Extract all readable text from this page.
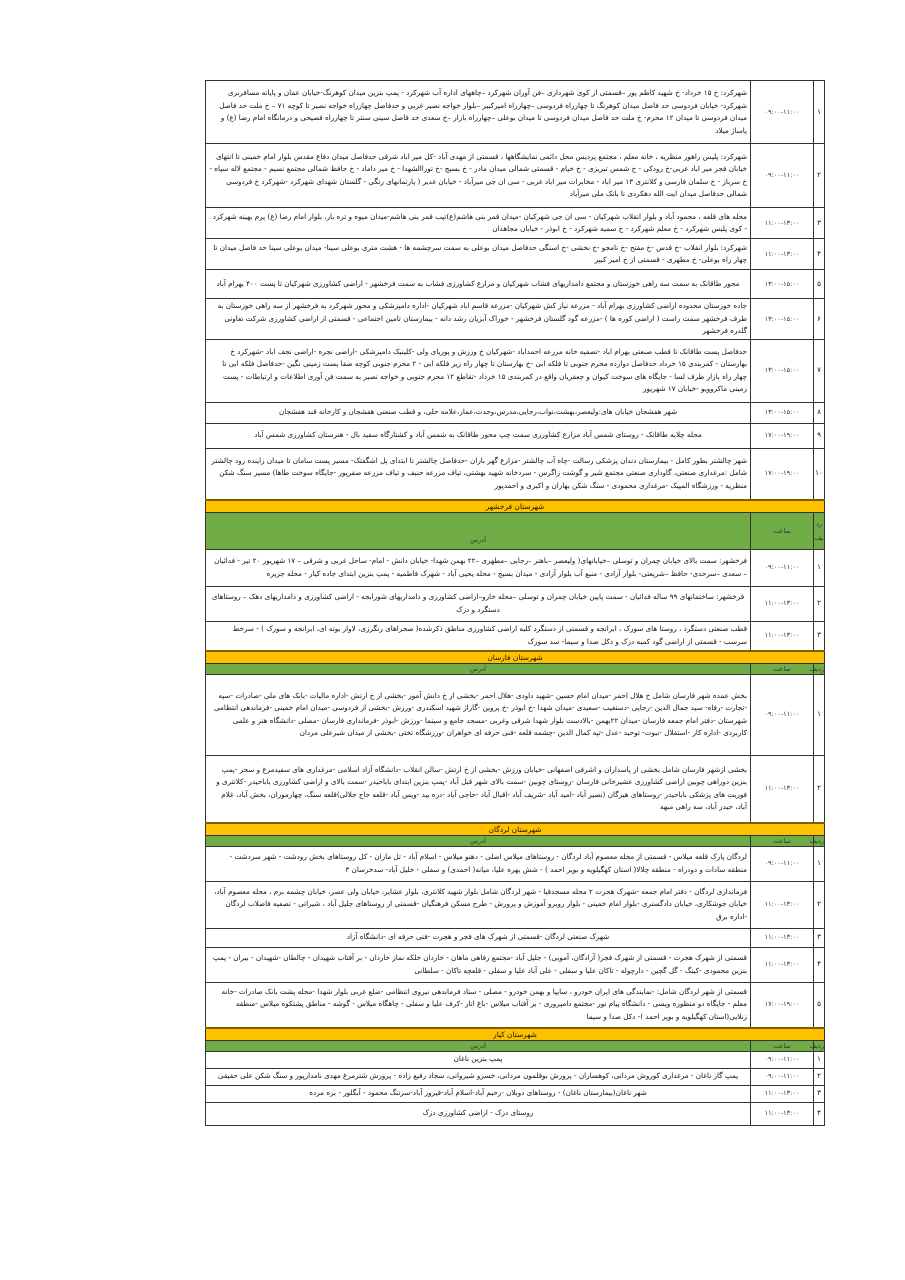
۱	۰۹:۰۰-۱۱:۰۰	شهرکرد: خ ۱۵ خرداد- خ شهید کاظم پور –قسمتی از کوی شهرداری –فن آوران شهرکرد –چاههای اداره آب شهرکرد - پمپ بنزین میدان کوهرنگ-خیابان عمان و پایانه مسافربری شهرکرد- خیابان فردوسی حد فاصل میدان کوهرنگ تا چهارراه فردوسی –چهارراه امیرکبیر –بلوار خواجه نصیر غربی و حدفاصل چهارراه خواجه نصیر تا کوچه ۷۱ – خ ملت حد فاصل میدان فردوسی تا میدان ۱۲ محرم- خ ملت حد فاصل میدان فردوسی تا میدان بوعلی –چهارراه بازار –خ سعدی حد فاصل سینی سنتر تا چهارراه فصیحی و درمانگاه امام رضا (ع) و پاساژ میلاد
۲	۰۹:۰۰-۱۱:۰۰	شهرکرد: پلیس راهور منظریه ، خانه معلم ، مجتمع پردیس محل دائمی نمایشگاهها ، قسمتی از مهدی آباد -کل میر اباد شرقی حدفاصل میدان دفاع مقدس بلوار امام خمینی تا انتهای خیابان فجر میر اباد غربی-خ رودکی - خ شمس تبریزی - خ خیام - قسمتی شمالی میدان مادر - خ بسیج -خ توراالشهدا - خ میر داماد - خ حافظ شمالی مجتمع نسیم - مجتمع لاله سپاه - خ سرباز - خ سلمان فارسی و کلانتری ۱۳ میر اباد - مخابرات میر اباد غربی - سی ان جی میرآباد - خیابان غدیر ( پارتمانهای رنگی - گلستان شهدای شهرکرد -شهرکرد خ فردوسی شمالی حدفاصل میدان ایت الله دهکردی تا بانک ملی میرآباد
۳	۱۱:۰۰-۱۳:۰۰	محله های قلعه ، محمود آباد و بلوار انقلاب شهرکیان - سی ان جی شهرکیان -میدان قمر بنی هاشم(ع)تپب قمر بنی هاشم-میدان میوه و تره بار، بلوار امام رضا (ع) پرم بهینه شهرکرد - کوی پلیس شهرکرد - خ معلم شهرکرد - خ سمیه شهرکرد - خ ابوذر - خیابان مجاهدان
۴	۱۱:۰۰-۱۳:۰۰	شهرکرد: بلوار انقلاب -خ قدس -خ مفتح -خ نامجو -خ نخشی -خ اسنگی حدفاصل میدان بوعلی به سمت سرچشمه ها - هشت متری بوعلی سینا- میدان بوعلی سینا حد فاصل میدان تا چهار راه بوعلی- خ مطهری - قسمتی از خ امیر کبیر
۵	۱۳:۰۰-۱۵:۰۰	محور طاقانک به سمت سه راهی خوزستان و مجتمع دامداریهای فشاب شهرکیان و مزارع کشاورزی فشاب به سمت فرخشهر - اراضی کشاورزی شهرکیان تا پست ۴۰۰ بهرام آباد
۶	۱۳:۰۰-۱۵:۰۰	جاده خوزستان محدوده اراضی کشاورزی بهرام آباد - مزرعه نیاز کش شهرکیان -مزرعه قاسم اباد شهرکیان -اداره دامپزشکی و محور شهرکرد به فرخشهر از سه راهی خوزستان به طرف فرخشهر سمت راست ( اراضی کوره ها ) -مزرعه گود گلستان فرخشهر - خوراک آبزیان رشد دانه - بیمارستان تامین اجتماعی - قسمتی از اراضی کشاورزی شرکت تعاونی گلدره فرخشهر
۷	۱۳:۰۰-۱۵:۰۰	حدفاصل پست طاقانک تا قطب صنعتی بهرام اباد -تصفیه خانه مزرعه احمداباد -شهرکیان خ ورزش و پوریای ولی -کلینیک دامپزشکی -اراضی نجره -اراضی نجف اباد -شهرکرد خ بهارستان - کمربندی ۱۵ خرداد حدفاصل دوازده محرم جنوبی تا فلکه ابی -خ بهارستان تا چهار راه زیر فلکه ابی - ۲ محرم جنوبی کوچه صفا پست زمینی نگین -حدفاصل فلکه ابی تا چهار راه بازار طرف لسا - جایگاه های سوخت کیوان و جعفریان واقع در کمربندی ۱۵ خرداد -تقاطع ۱۲ محرم جنوبی و خواجه نصیر به سمت فن آوری اطلاعات و ارتباطات - پست زمینی ماکروویو -خیابان ۱۷ شهریور
۸	۱۳:۰۰-۱۵:۰۰	شهر هفشجان خیابان های:ولیعصر،بهشت،نواب،رجایی،مدرس،وحدت،عمار،علامه حلی، و قطب صنعتی هفشجان و کارخانه قند هفشجان
۹	۱۷:۰۰-۱۹:۰۰	محله چلابه طاقانک - روستای شمس آباد مزارع کشاورزی سمت چپ محور طاقانک به شمس آباد و کشتارگاه سفید بال - هنرستان کشاورزی شمس آباد
۱۰	۱۷:۰۰-۱۹:۰۰	شهر چالشتر بطور کامل - بیمارستان دندان پزشکی رسالت -چاه آب چالشتر -مزارع گهر باران -حدفاصل چالشتر تا ابتدای پل اشگفتک- مسیر پست سامان تا میدان زاینده رود چالشتر شامل :مرغداری صنعتی، گاوداری صنعتی مجتمع شیر و گوشت زاگرس - سردخانه شهید بهشتی، تیاف مزرعه حنیف و تیاف مزرعه صفرپور -جایگاه سوخت طاها) مسیر سنگ شکن منظریه - ورزشگاه المپیک -مرغداری محمودی - سنگ شکن بهاران و اکبری و احمدپور
شهرستان فرخشهر		
رد یف	ساعت	آدرس
۱	۰۹:۰۰-۱۱:۰۰	فرخشهر: سمت بالای خیابان چمران و توسلی –خیابانهای( ولیعصر –باهنر –رجایی –مطهری –۲۲ بهمن شهدا- خیابان دانش - امام- ساحل غربی و شرقی – ۱۷ شهریور ۲۰ تیر - فدائیان – سعدی –سرحدی- حافظ –شریعتی- بلوار آزادی - منبع آب بلوار آزادی - میدان بسیج - محله یحیی آباد - شهرک فاطمیه - پمپ بنزین ابتدای جاده کیار - محله جزیره
۲	۱۱:۰۰-۱۳:۰۰	فرخشهر: ساختمانهای ۹۹ ساله فدائیان - سمت پایین خیابان چمران و توسلی –محله خارو–اراضی کشاورزی و دامداریهای شورابجه - اراضی کشاورزی و دامداریهای دهک – روستاهای دستگرد و دزک
۳	۱۱:۰۰-۱۳:۰۰	قطب صنعتی دستگرد ، روستا های سورک ، ابرانجه و قسمتی از دستگرد کلیه اراضی کشاورزی مناطق ذکرشده( صحراهای رنگرزی، لاوار بوته ای، ابرانجه و سورک ) - سرخط سرسب - قسمتی از اراضی گود کمبه دزک و دکل صدا و سیما- سد سورک
شهرستان فارسان		
ردیف	ساعت	آدرس
۱	۰۹:۰۰-۱۱:۰۰	بخش عمده شهر فارسان شامل خ هلال احمر -میدان امام حسین -شهید داودی -هلال احمر -بخشی از خ دانش آموز -بخشی از خ ارتش -اداره مالیات -بانک های ملی -صادرات -سپه -تجارت -رفاه- سید جمال الدین -رجایی -دستغیب -سعیدی -میدان شهدا -خ ابوذر -خ پروین -گاراژ شهید اسکندری -ورزش -بخشی از فردوسی -میدان امام خمینی -فرماندهی انتظامی شهرستان -دفتر امام جمعه فارسان -میدان ۲۲بهمن -بالادست بلوار شهدا شرقی وغربی -مسجد جامع و سینما -ورزش -ابوذر -فرمانداری فارسان -مصلی -دانشگاه هنر و علمی کاربردی -اداره کار -استقلال -نبوت- توحید -عدل -تپه کمال الدین -چشمه قلعه -فنی حرفه ای خواهران -ورزشگاه تختی -بخشی از میدان شیرعلی مردان
۲	۱۱:۰۰-۱۳:۰۰	بخشی ازشهر فارسان شامل بخشی از پاسداران و اشرفی اصفهانی -خیابان ورزش -بخشی از خ ارتش -سالن انقلاب -دانشگاه آزاد اسلامی -مرغداری های سفیدمرغ و سحر -پمپ بنزین دوراهی چوبین اراضی کشاورزی عشیرخانی فارسان -روستای چوبین -سمت بالای شهر قبل آباد -پمپ بنزین ابتدای باباحیدر -سمت بالای و اراضی کشاورزی باباحیدر -کلانتری و فوریت های پزشکی باباحیدر -روستاهای هیرگان (نصیر آباد -امید آباد -شریف آباد -اقبال آباد -حاجی آباد -دره بید -ویس آباد -قلعه حاج جلالی)قلعه سنگ، چهارموران، بخش آباد، غلام آباد، حیدر آباد، سه راهی مبهه
شهرستان لردگان		
ردیف	ساعت	آدرس
۱	۰۹:۰۰-۱۱:۰۰	لردگان پارک قلعه میلاس - قسمتی از محله معصوم آباد لردگان - روستاهای میلاس اصلی - دهنو میلاس - اسلام آباد - تل ماران - کل روستاهای بخش رودشت - شهر سردشت - منطقه سادات و دودراه - منطقه چلالا( استان کهگیلویه و بویر احمد ) - شش بهره علیا، میانه( احمدی) و سفلی - خلیل آباد- سدخرسان ۳
۲	۱۱:۰۰-۱۳:۰۰	فرمانداری لردگان - دفتر امام جمعه -شهرک هجرت ۲ محله مسجدقبا - شهر لردگان شامل بلوار شهید کلانتری، بلوار عشایر، خیابان ولی عصر، خیابان چشمه برم ، محله معصوم آباد، خیابان جوشکاری، خیابان دادگستری -بلوار امام خمینی - بلوار روبرو آموزش و پرورش - طرح مسکن فرهنگیان -قسمتی از روستاهای جلیل آباد ، شیراتی - تصفیه فاضلاب لردگان -اداره برق
۳	۱۱:۰۰-۱۳:۰۰	شهرک صنعتی لردگان -قسمتی از شهرک های فجر و هجرت -فنی حرفه ای -دانشگاه آزاد
۴	۱۱:۰۰-۱۳:۰۰	قسمتی از شهرک هجرت - قسمتی از شهرک فجر( آزادگان، آمویی) - جلیل آباد -مجتمع رفاهی ماهان - خاردان خلکه نماز خاردان - بر آفتاب شهیدان - چالطان -شهیدان - بیران - پمپ بنزین محمودی -کینگ - گل گچین - دارچوله - تاکان علیا و سفلی - علی آباد علیا و سفلی - قلعچه تاکان - سلطانی
۵	۱۷:۰۰-۱۹:۰۰	قسمتی از شهر لردگان شامل: -نمایندگی های ایران خودرو ، سایپا و بهمن خودرو - مصلی - ستاد فرماندهی نیروی انتظامی -ضلع غربی بلوار شهدا -محله پشت بانک صادرات -خانه معلم - جایگاه دو منظوره ویسی - دانشگاه پیام نور -مجتمع دامپروری - بر آفتاب میلاس -باغ انار -کرف علیا و سفلی - چاهگاه میلاس - گوشه - مناطق پشتکوه میلاس -منطقه زنلایی(استان کهگیلویه و بویر احمد )- دکل صدا و سیما
شهرستان کیار		
ردیف	ساعت	آدرس
۱	۰۹:۰۰-۱۱:۰۰	پمپ بنزین ناغان
۲	۰۹:۰۰-۱۱:۰۰	پمپ گاز ناغان - مرغداری کوروش مردانی، کوهساران - پرورش بوقلمون مردانی، خسرو شیروانی، سجاد رفیع زاده - پرورش شترمرغ مهدی نامدارپور و سنگ شکن علی حقیقی
۳	۱۱:۰۰-۱۳:۰۰	شهر ناغان(بیمارستان ناغان) - روستاهای دوبلان -رحیم آباد-اسلام آباد-فیروز آباد-سرتنگ محمود - آبگلور - بره مرده
۴	۱۱:۰۰-۱۳:۰۰	روستای دزک - اراضی کشاورزی دزک
